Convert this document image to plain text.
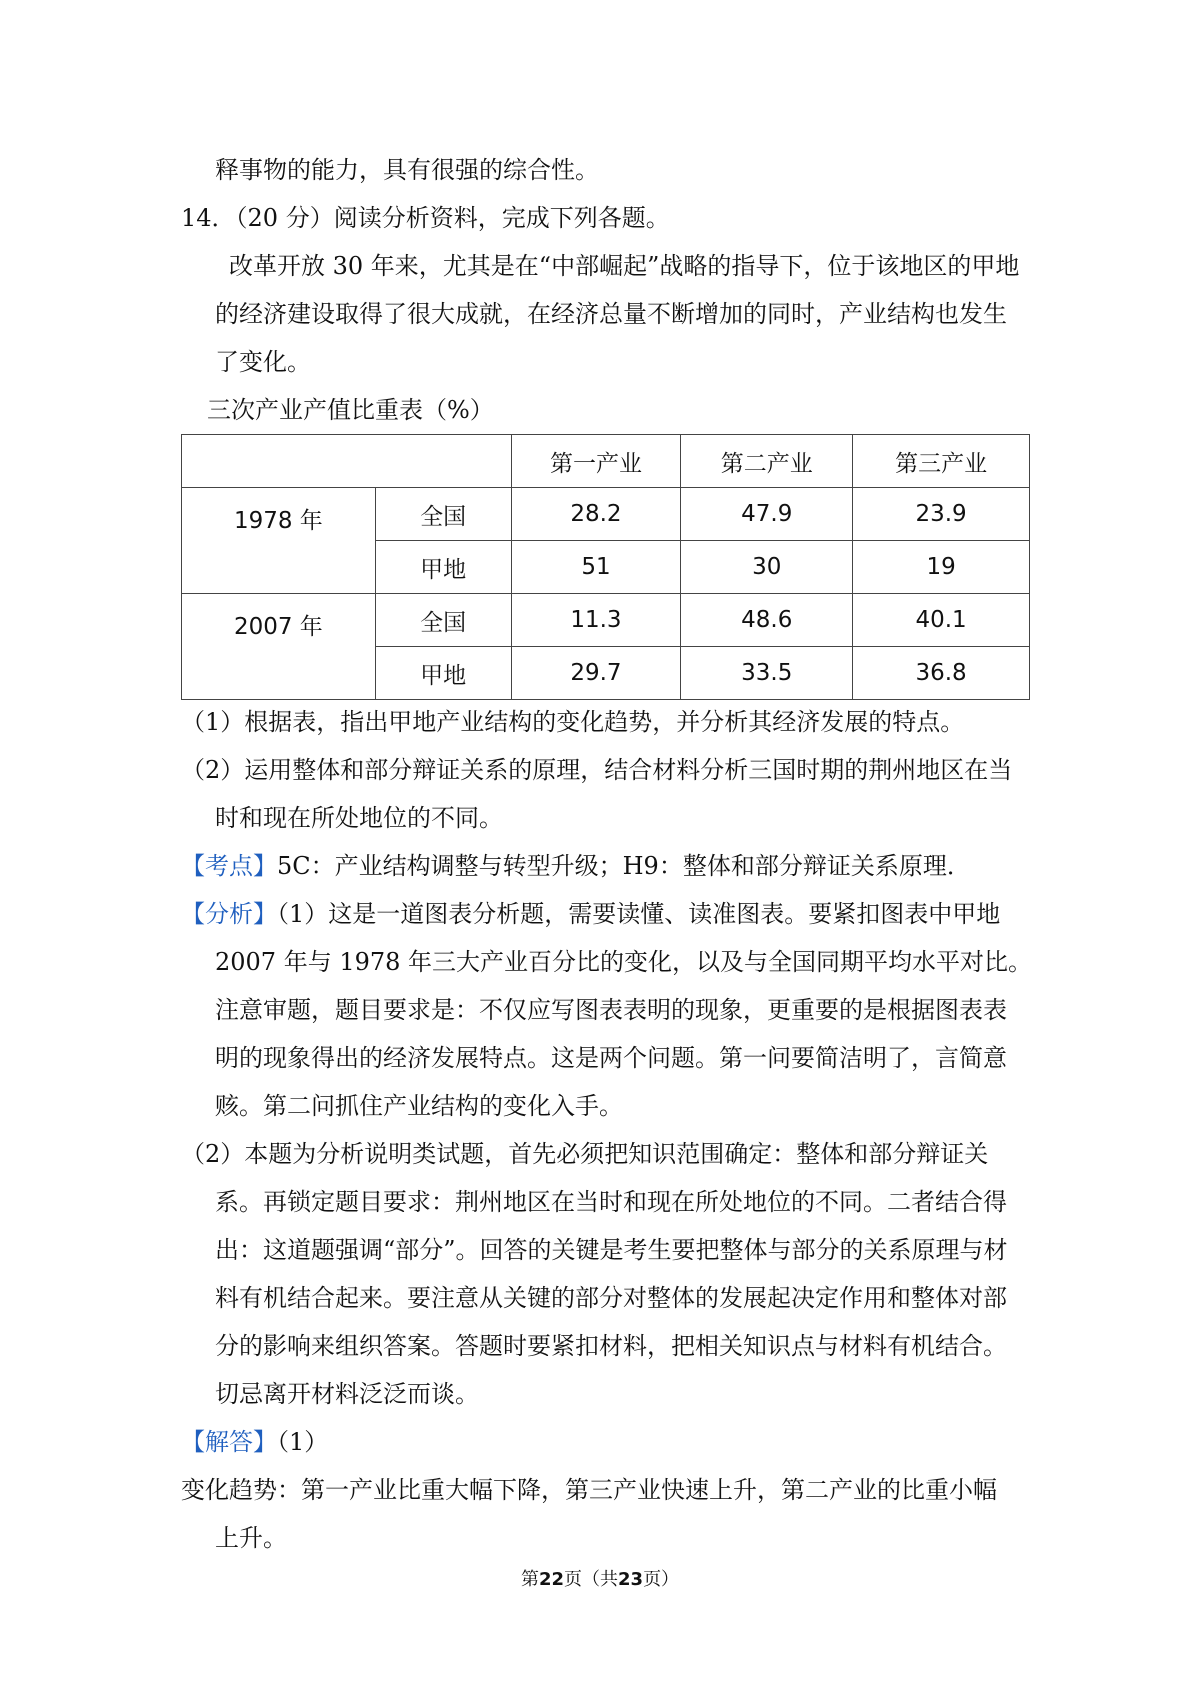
释事物的能力，具有很强的综合性。
14．（20 分）阅读分析资料，完成下列各题。
改革开放 30 年来，尤其是在“中部崛起”战略的指导下，位于该地区的甲地
的经济建设取得了很大成就，在经济总量不断增加的同时，产业结构也发生
了变化。
三次产业产值比重表（%）
		第一产业	第二产业	第三产业
1978 年	全国	28.2	47.9	23.9
	甲地	51	30	19
2007 年	全国	11.3	48.6	40.1
	甲地	29.7	33.5	36.8
（1）根据表，指出甲地产业结构的变化趋势，并分析其经济发展的特点。
（2）运用整体和部分辩证关系的原理，结合材料分析三国时期的荆州地区在当
时和现在所处地位的不同。
【考点】5C：产业结构调整与转型升级；H9：整体和部分辩证关系原理．
【分析】（1）这是一道图表分析题，需要读懂、读准图表。要紧扣图表中甲地
2007 年与 1978 年三大产业百分比的变化，以及与全国同期平均水平对比。
注意审题，题目要求是：不仅应写图表表明的现象，更重要的是根据图表表
明的现象得出的经济发展特点。这是两个问题。第一问要简洁明了，言简意
赅。第二问抓住产业结构的变化入手。
（2）本题为分析说明类试题，首先必须把知识范围确定：整体和部分辩证关
系。再锁定题目要求：荆州地区在当时和现在所处地位的不同。二者结合得
出：这道题强调“部分”。回答的关键是考生要把整体与部分的关系原理与材
料有机结合起来。要注意从关键的部分对整体的发展起决定作用和整体对部
分的影响来组织答案。答题时要紧扣材料，把相关知识点与材料有机结合。
切忌离开材料泛泛而谈。
【解答】（1）
变化趋势：第一产业比重大幅下降，第三产业快速上升，第二产业的比重小幅
上升。
第22页（共23页）
